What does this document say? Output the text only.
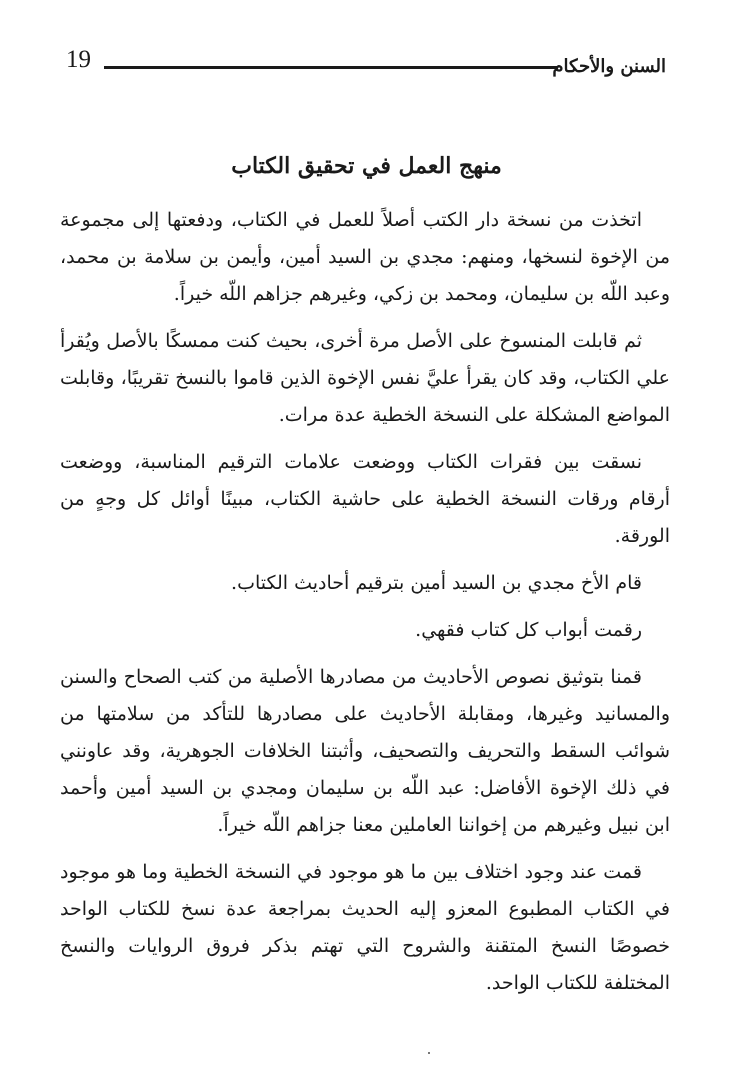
19	السنن والأحكام
منهج العمل في تحقيق الكتاب

اتخذت من نسخة دار الكتب أصلاً للعمل في الكتاب، ودفعتها إلى مجموعة من الإخوة لنسخها، ومنهم: مجدي بن السيد أمين، وأيمن بن سلامة بن محمد، وعبد اللّه بن سليمان، ومحمد بن زكي، وغيرهم جزاهم اللّه خيراً.

ثم قابلت المنسوخ على الأصل مرة أخرى، بحيث كنت ممسكًا بالأصل ويُقرأ علي الكتاب، وقد كان يقرأ عليَّ نفس الإخوة الذين قاموا بالنسخ تقريبًا، وقابلت المواضع المشكلة على النسخة الخطية عدة مرات.

نسقت بين فقرات الكتاب ووضعت علامات الترقيم المناسبة، ووضعت أرقام ورقات النسخة الخطية على حاشية الكتاب، مبينًا أوائل كل وجهٍ من الورقة.

قام الأخ مجدي بن السيد أمين بترقيم أحاديث الكتاب.

رقمت أبواب كل كتاب فقهي.

قمنا بتوثيق نصوص الأحاديث من مصادرها الأصلية من كتب الصحاح والسنن والمسانيد وغيرها، ومقابلة الأحاديث على مصادرها للتأكد من سلامتها من شوائب السقط والتحريف والتصحيف، وأثبتنا الخلافات الجوهرية، وقد عاونني في ذلك الإخوة الأفاضل: عبد اللّه بن سليمان ومجدي بن السيد أمين وأحمد ابن نبيل وغيرهم من إخواننا العاملين معنا جزاهم اللّه خيراً.

قمت عند وجود اختلاف بين ما هو موجود في النسخة الخطية وما هو موجود في الكتاب المطبوع المعزو إليه الحديث بمراجعة عدة نسخ للكتاب الواحد خصوصًا النسخ المتقنة والشروح التي تهتم بذكر فروق الروايات والنسخ المختلفة للكتاب الواحد.
